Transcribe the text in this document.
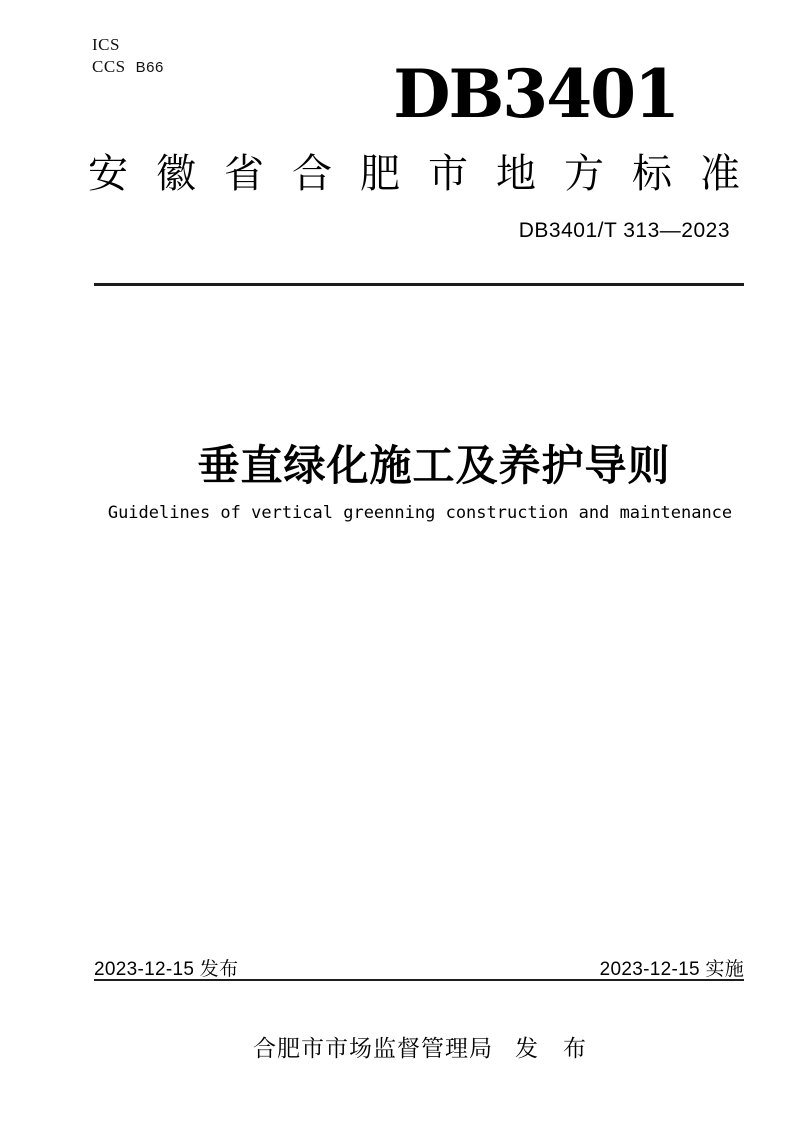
ICS
CCS B66	DB3401
安 徽 省 合 肥 市 地 方 标 准
DB3401/T 313—2023
垂直绿化施工及养护导则
Guidelines of vertical greenning construction and maintenance
2023-12-15 发布	2023-12-15 实施
合肥市市场监督管理局 发　布
